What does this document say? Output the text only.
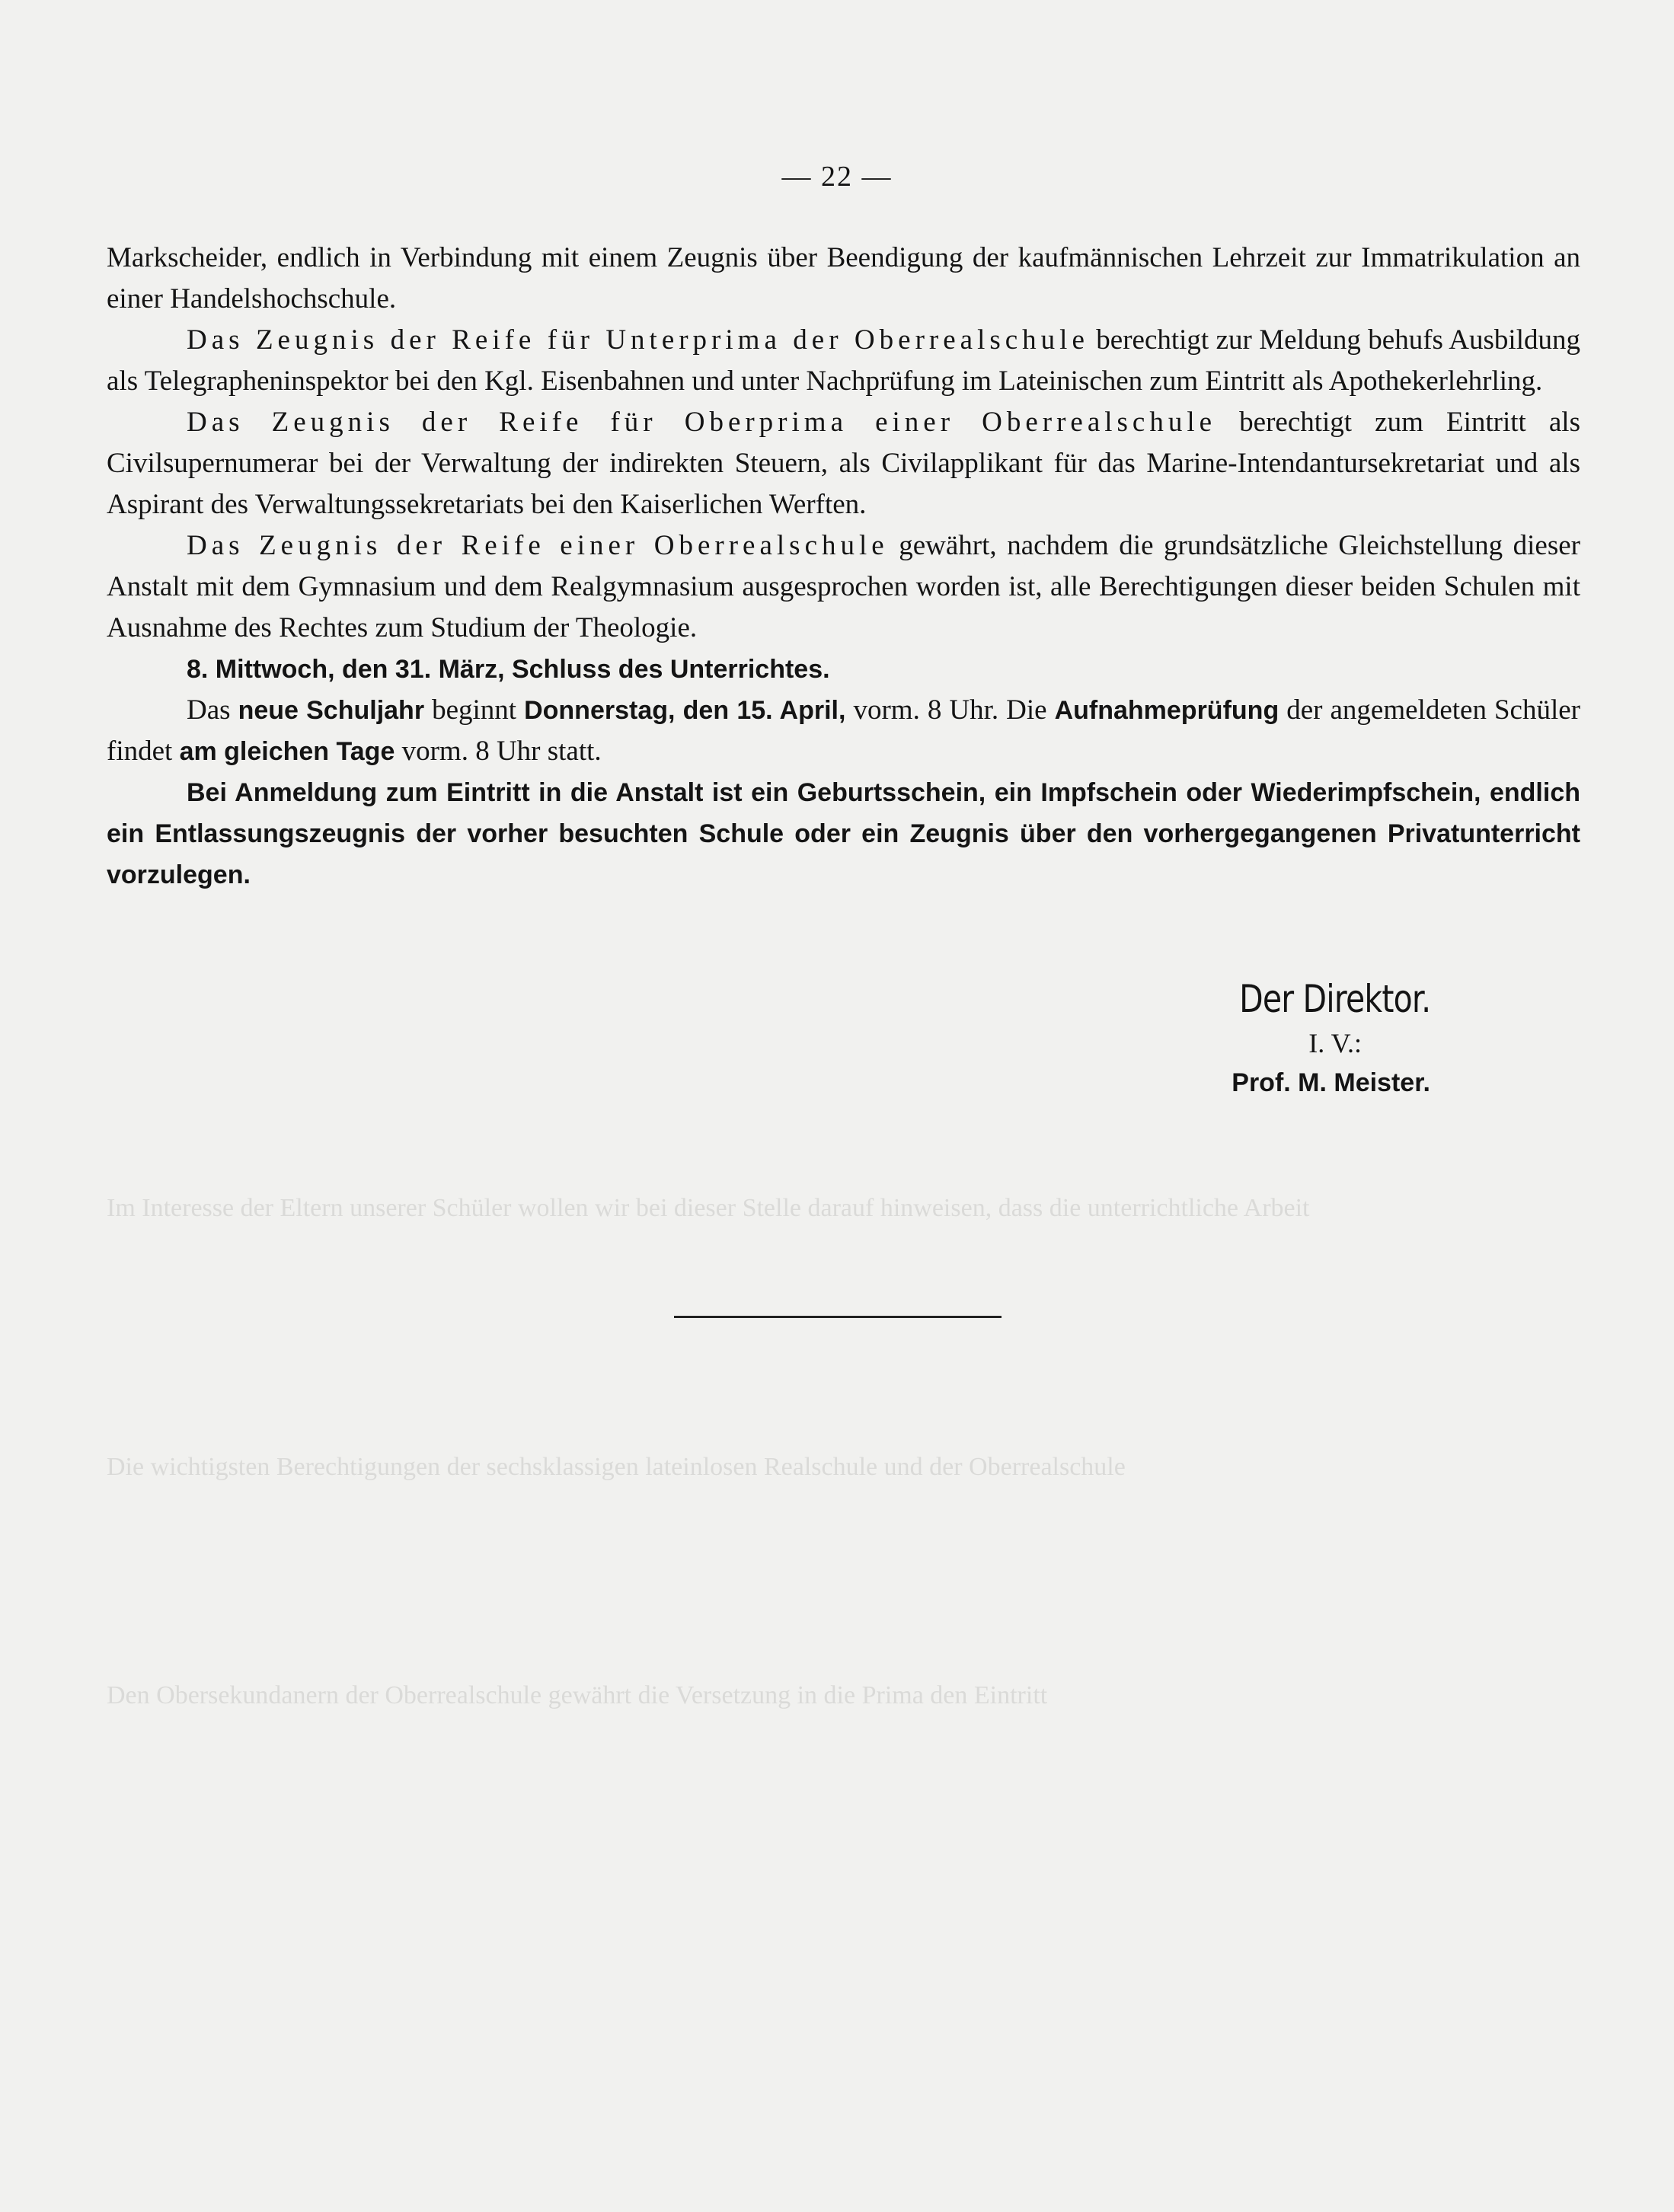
Im Interesse der Eltern unserer Schüler wollen wir bei dieser Stelle darauf hinweisen, dass die unterrichtliche Arbeit
Die wichtigsten Berechtigungen der sechsklassigen lateinlosen Realschule und der Oberrealschule
Den Obersekundanern der Oberrealschule gewährt die Versetzung in die Prima den Eintritt
— 22 —

Markscheider, endlich in Verbindung mit einem Zeugnis über Beendigung der kaufmännischen Lehrzeit zur Immatrikulation an einer Handelshochschule.

Das Zeugnis der Reife für Unterprima der Oberrealschule berechtigt zur Meldung behufs Ausbildung als Telegrapheninspektor bei den Kgl. Eisenbahnen und unter Nachprüfung im Lateinischen zum Eintritt als Apothekerlehrling.

Das Zeugnis der Reife für Oberprima einer Oberrealschule berechtigt zum Eintritt als Civilsupernumerar bei der Verwaltung der indirekten Steuern, als Civilapplikant für das Marine-Intendantursekretariat und als Aspirant des Verwaltungssekretariats bei den Kaiserlichen Werften.

Das Zeugnis der Reife einer Oberrealschule gewährt, nachdem die grundsätzliche Gleichstellung dieser Anstalt mit dem Gymnasium und dem Realgymnasium ausgesprochen worden ist, alle Berechtigungen dieser beiden Schulen mit Ausnahme des Rechtes zum Studium der Theologie.

8. Mittwoch, den 31. März, Schluss des Unterrichtes.

Das neue Schuljahr beginnt Donnerstag, den 15. April, vorm. 8 Uhr. Die Aufnahmeprüfung der angemeldeten Schüler findet am gleichen Tage vorm. 8 Uhr statt.

Bei Anmeldung zum Eintritt in die Anstalt ist ein Geburtsschein, ein Impfschein oder Wiederimpfschein, endlich ein Entlassungszeugnis der vorher besuchten Schule oder ein Zeugnis über den vorhergegangenen Privatunterricht vorzulegen.

Der Direktor.
I. V.:
Prof. M. Meister.
